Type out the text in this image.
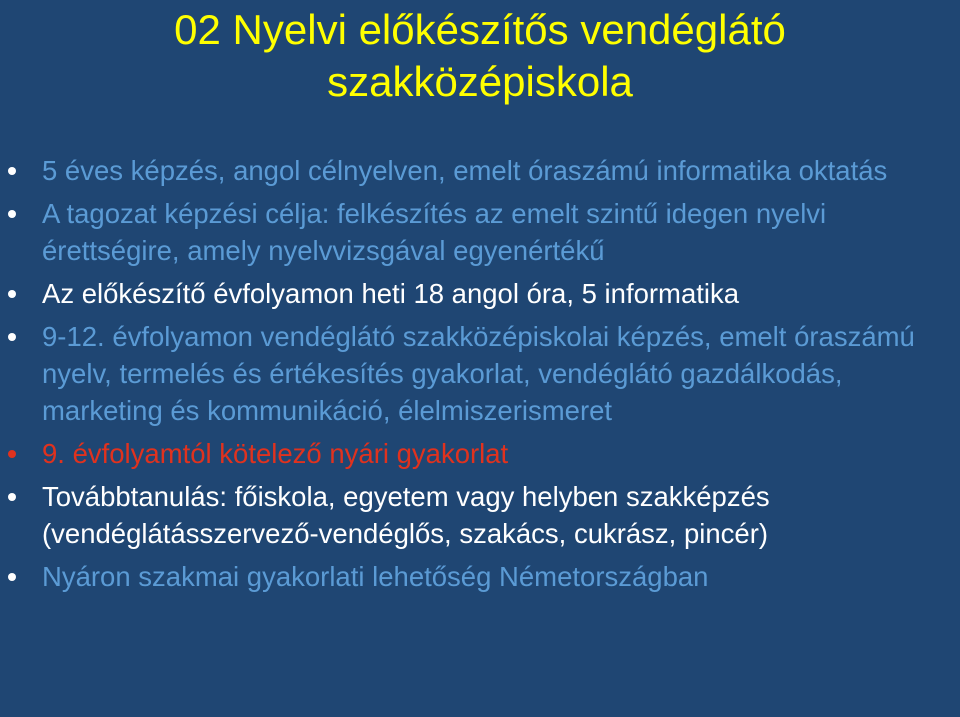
02 Nyelvi előkészítős vendéglátó
szakközépiskola
5 éves képzés, angol célnyelven, emelt óraszámú informatika oktatás
A tagozat képzési célja: felkészítés az emelt szintű idegen nyelvi érettségire, amely nyelvvizsgával egyenértékű
Az előkészítő évfolyamon heti 18 angol óra, 5 informatika
9-12. évfolyamon vendéglátó szakközépiskolai képzés, emelt óraszámú nyelv, termelés és értékesítés gyakorlat, vendéglátó gazdálkodás, marketing és kommunikáció, élelmiszerismeret
9. évfolyamtól kötelező nyári gyakorlat
Továbbtanulás: főiskola, egyetem vagy helyben szakképzés (vendéglátásszervező-vendéglős, szakács, cukrász, pincér)
Nyáron szakmai gyakorlati lehetőség Németországban
